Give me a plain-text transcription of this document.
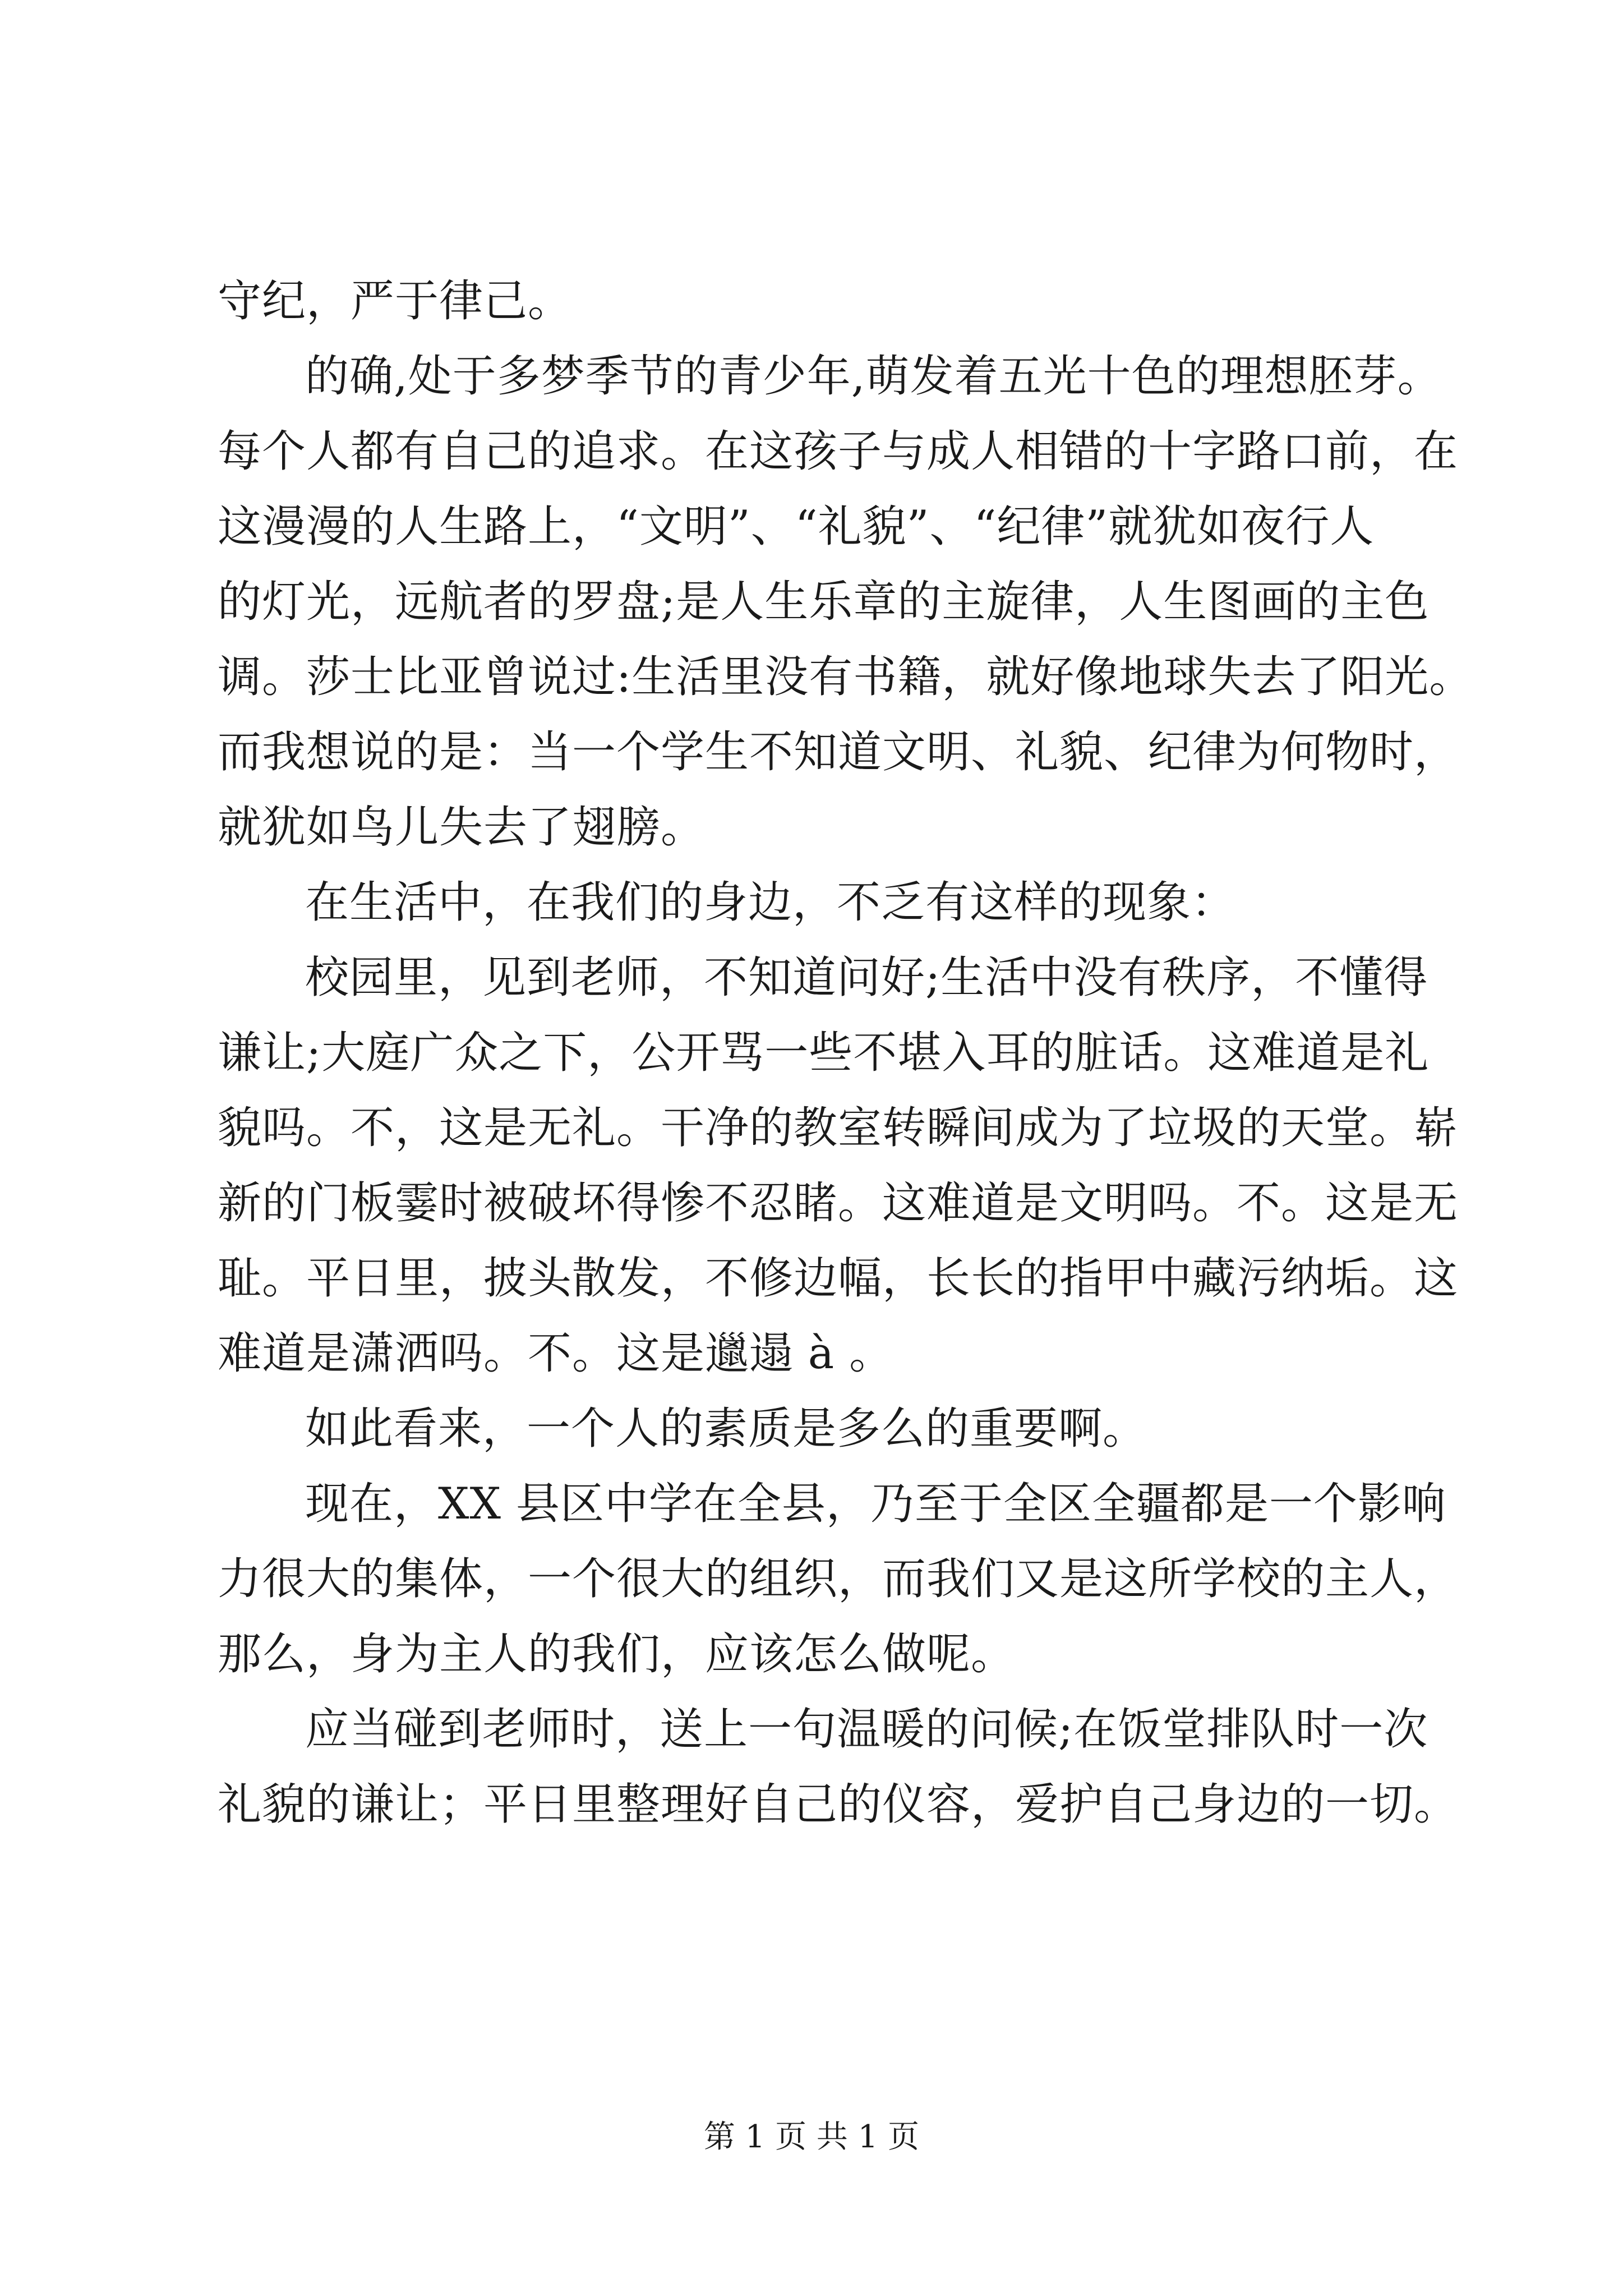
守纪，严于律己。
的确,处于多梦季节的青少年,萌发着五光十色的理想胚芽。
每个人都有自己的追求。在这孩子与成人相错的十字路口前，在
这漫漫的人生路上，“文明”、“礼貌”、“纪律”就犹如夜行人
的灯光，远航者的罗盘;是人生乐章的主旋律，人生图画的主色
调。莎士比亚曾说过:生活里没有书籍，就好像地球失去了阳光。
而我想说的是：当一个学生不知道文明、礼貌、纪律为何物时，
就犹如鸟儿失去了翅膀。
在生活中，在我们的身边，不乏有这样的现象：
校园里，见到老师，不知道问好;生活中没有秩序，不懂得
谦让;大庭广众之下，公开骂一些不堪入耳的脏话。这难道是礼
貌吗。不，这是无礼。干净的教室转瞬间成为了垃圾的天堂。崭
新的门板霎时被破坏得惨不忍睹。这难道是文明吗。不。这是无
耻。平日里，披头散发，不修边幅，长长的指甲中藏污纳垢。这
难道是潇洒吗。不。这是邋遢 à 。
如此看来，一个人的素质是多么的重要啊。
现在，XX 县区中学在全县，乃至于全区全疆都是一个影响
力很大的集体，一个很大的组织，而我们又是这所学校的主人，
那么，身为主人的我们，应该怎么做呢。
应当碰到老师时，送上一句温暖的问候;在饭堂排队时一次
礼貌的谦让；平日里整理好自己的仪容，爱护自己身边的一切。
第 1 页 共 1 页
